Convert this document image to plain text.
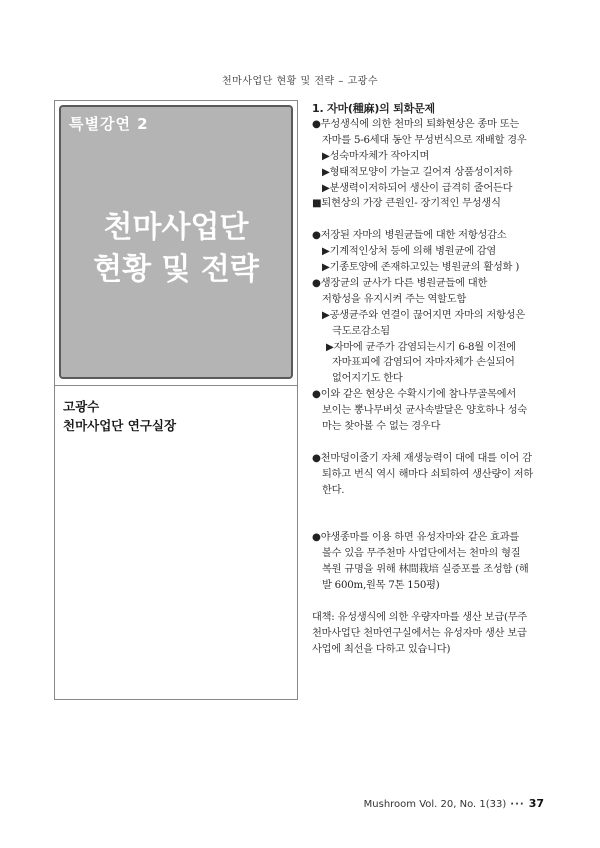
천마사업단 현황 및 전략 – 고광수
특별강연 2
천마사업단
현황 및 전략
고광수
천마사업단 연구실장
1. 자마(種麻)의 퇴화문제
●무성생식에 의한 천마의 퇴화현상은 종마 또는
자마를 5-6세대 동안 무성번식으로 재배할 경우
▶성숙마자체가 작아지며
▶형태적모양이 가늘고 길어져 상품성이저하
▶분생력이저하되어 생산이 급격히 줄어든다
■퇴현상의 가장 큰원인- 장기적인 무성생식
●저장된 자마의 병원균들에 대한 저항성감소
▶기계적인상처 등에 의해 병원균에 감염
▶기종토양에 존재하고있는 병원균의 활성화 )
●생장균의 균사가 다른 병원균들에 대한
저항성을 유지시켜 주는 역할도함
▶공생균주와 연결이 끊어지면 자마의 저항성은
극도로감소됨
▶자마에 균주가 감염되는시기 6-8월 이전에
자마표피에 감염되어 자마자체가 손실되어
없어지기도 한다
●이와 같은 현상은 수확시기에 참나무골목에서
보이는 뽕나무버섯 균사속발달은 양호하나 성숙
마는 찾아볼 수 없는 경우다
●천마덩이줄기 자체 재생능력이 대에 대를 이어 감
퇴하고 번식 역시 해마다 쇠퇴하여 생산량이 저하
한다.
●야생종마를 이용 하면 유성자마와 같은 효과를
볼수 있음 무주천마 사업단에서는 천마의 형질
복원 규명을 위해 林間栽培 실증포를 조성함 (해
발 600m,원목 7톤 150평)
대책: 유성생식에 의한 우량자마를 생산 보급(무주
천마사업단 천마연구실에서는 유성자마 생산 보급
사업에 최선을 다하고 있습니다)
Mushroom Vol. 20, No. 1(33) ··· 37
